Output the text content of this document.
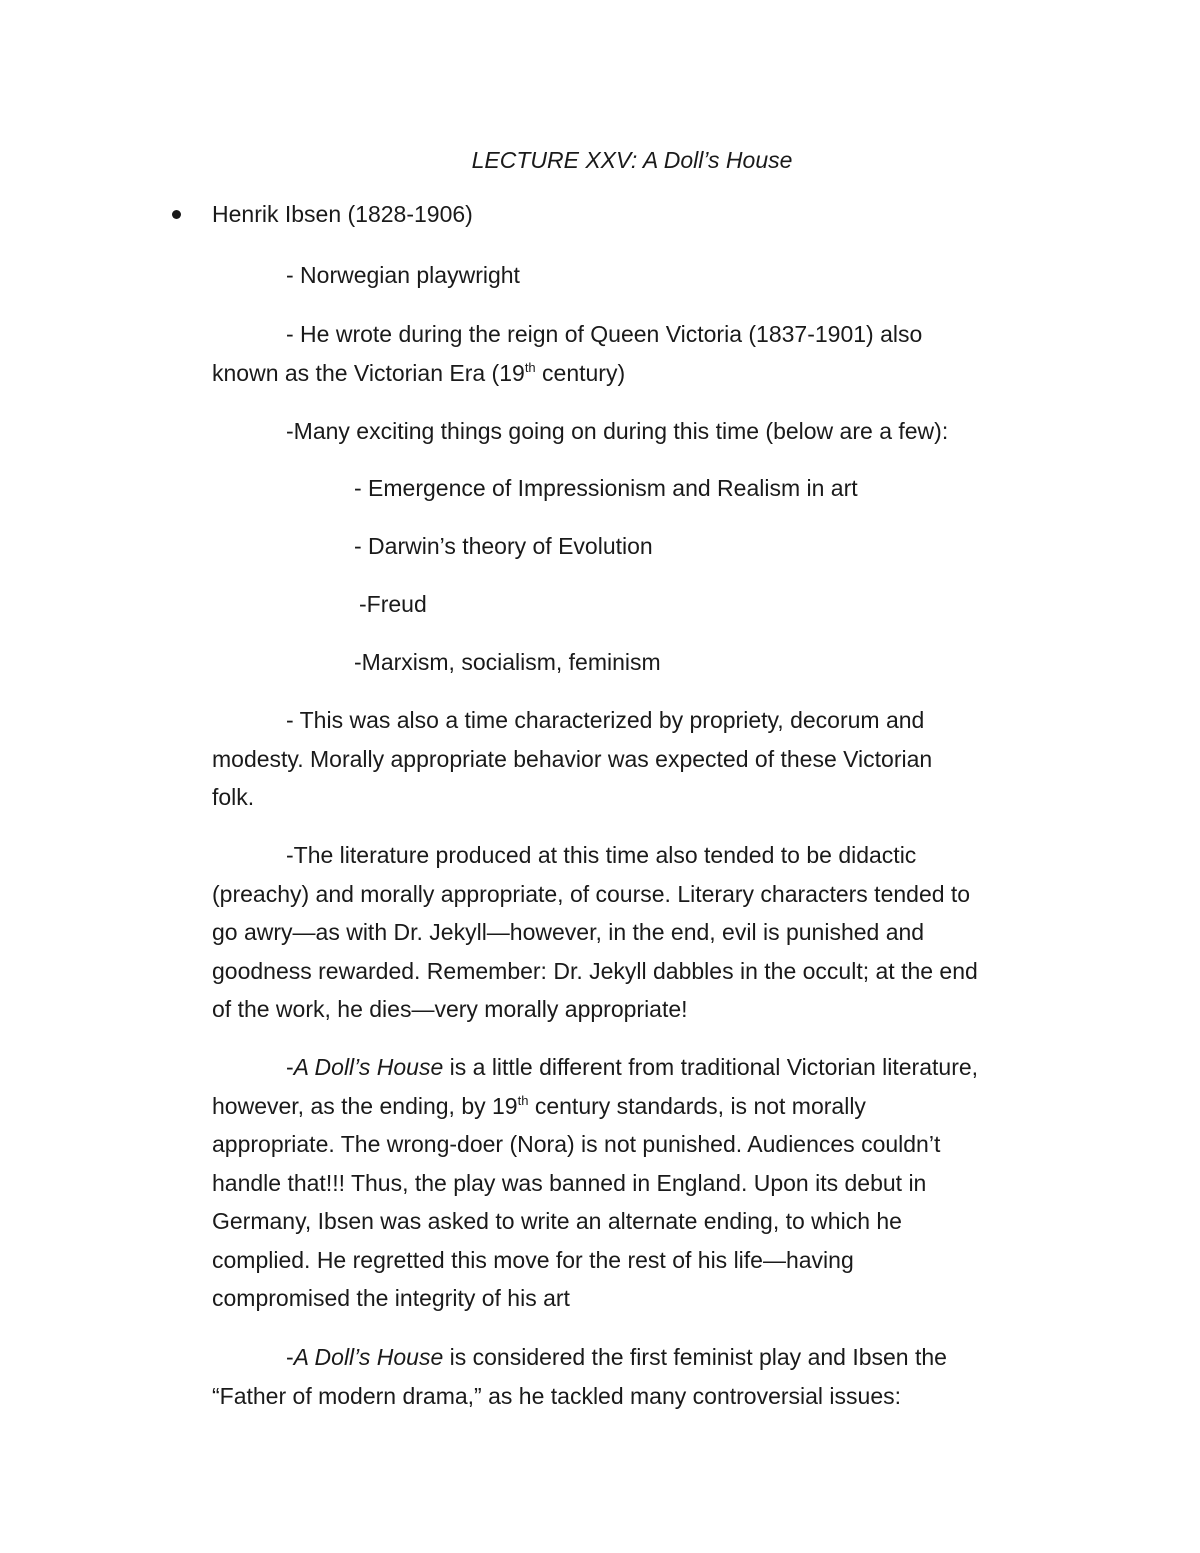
LECTURE XXV: A Doll’s House
Henrik Ibsen (1828-1906)
- Norwegian playwright
- He wrote during the reign of Queen Victoria (1837-1901) also
known as the Victorian Era (19th century)
-Many exciting things going on during this time (below are a few):
- Emergence of Impressionism and Realism in art
- Darwin’s theory of Evolution
-Freud
-Marxism, socialism, feminism
- This was also a time characterized by propriety, decorum and
modesty. Morally appropriate behavior was expected of these Victorian
folk.
-The literature produced at this time also tended to be didactic
(preachy) and morally appropriate, of course. Literary characters tended to
go awry—as with Dr. Jekyll—however, in the end, evil is punished and
goodness rewarded. Remember: Dr. Jekyll dabbles in the occult; at the end
of the work, he dies—very morally appropriate!
-A Doll’s House is a little different from traditional Victorian literature,
however, as the ending, by 19th century standards, is not morally
appropriate. The wrong-doer (Nora) is not punished. Audiences couldn’t
handle that!!! Thus, the play was banned in England. Upon its debut in
Germany, Ibsen was asked to write an alternate ending, to which he
complied. He regretted this move for the rest of his life—having
compromised the integrity of his art
-A Doll’s House is considered the first feminist play and Ibsen the
“Father of modern drama,” as he tackled many controversial issues:
